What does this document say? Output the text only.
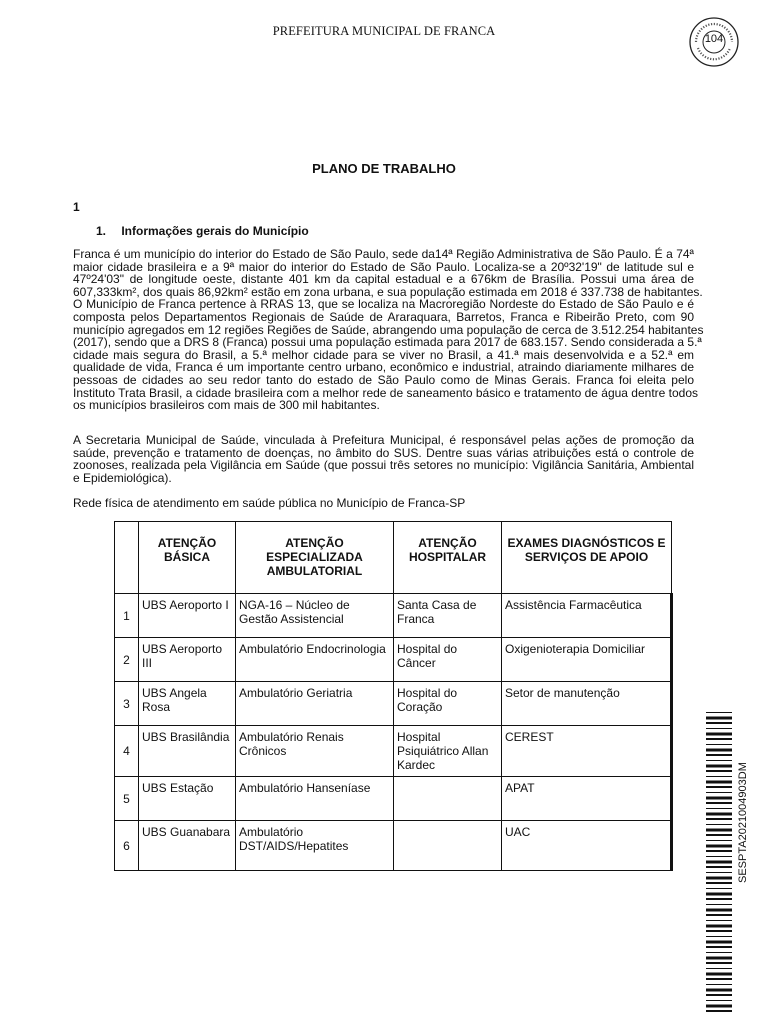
PREFEITURA MUNICIPAL DE FRANCA
104
PLANO DE TRABALHO
1
1. Informações gerais do Município
Franca é um município do interior do Estado de São Paulo, sede da14ª Região Administrativa de São Paulo. É a 74ª
maior cidade brasileira e a 9ª maior do interior do Estado de São Paulo. Localiza-se a 20º32'19" de latitude sul e
47º24'03" de longitude oeste, distante 401 km da capital estadual e a 676km de Brasília. Possui uma área de
607,333km², dos quais 86,92km² estão em zona urbana, e sua população estimada em 2018 é 337.738 de habitantes.
O Município de Franca pertence à RRAS 13, que se localiza na Macroregião Nordeste do Estado de São Paulo e é
composta pelos Departamentos Regionais de Saúde de Araraquara, Barretos, Franca e Ribeirão Preto, com 90
município agregados em 12 regiões Regiões de Saúde, abrangendo uma população de cerca de 3.512.254 habitantes
(2017), sendo que a DRS 8 (Franca) possui uma população estimada para 2017 de 683.157. Sendo considerada a 5.ª
cidade mais segura do Brasil, a 5.ª melhor cidade para se viver no Brasil, a 41.ª mais desenvolvida e a 52.ª em
qualidade de vida, Franca é um importante centro urbano, econômico e industrial, atraindo diariamente milhares de
pessoas de cidades ao seu redor tanto do estado de São Paulo como de Minas Gerais. Franca foi eleita pelo
Instituto Trata Brasil, a cidade brasileira com a melhor rede de saneamento básico e tratamento de água dentre todos
os municípios brasileiros com mais de 300 mil habitantes.

A Secretaria Municipal de Saúde, vinculada à Prefeitura Municipal, é responsável pelas ações de promoção da saúde, prevenção e tratamento de doenças, no âmbito do SUS. Dentre suas várias atribuições está o controle de zoonoses, realizada pela Vigilância em Saúde (que possui três setores no município: Vigilância Sanitária, Ambiental e Epidemiológica).

Rede física de atendimento em saúde pública no Município de Franca-SP

	ATENÇÃO BÁSICA	ATENÇÃO ESPECIALIZADA AMBULATORIAL	ATENÇÃO HOSPITALAR	EXAMES DIAGNÓSTICOS E SERVIÇOS DE APOIO
1	UBS Aeroporto I	NGA-16 – Núcleo de Gestão Assistencial	Santa Casa de Franca	Assistência Farmacêutica
2	UBS Aeroporto III	Ambulatório Endocrinologia	Hospital do Câncer	Oxigenioterapia Domiciliar
3	UBS Angela Rosa	Ambulatório Geriatria	Hospital do Coração	Setor de manutenção
4	UBS Brasilândia	Ambulatório Renais Crônicos	Hospital Psiquiátrico Allan Kardec	CEREST
5	UBS Estação	Ambulatório Hanseníase		APAT
6	UBS Guanabara	Ambulatório DST/AIDS/Hepatites		UAC	SESPTA2021004903DM
